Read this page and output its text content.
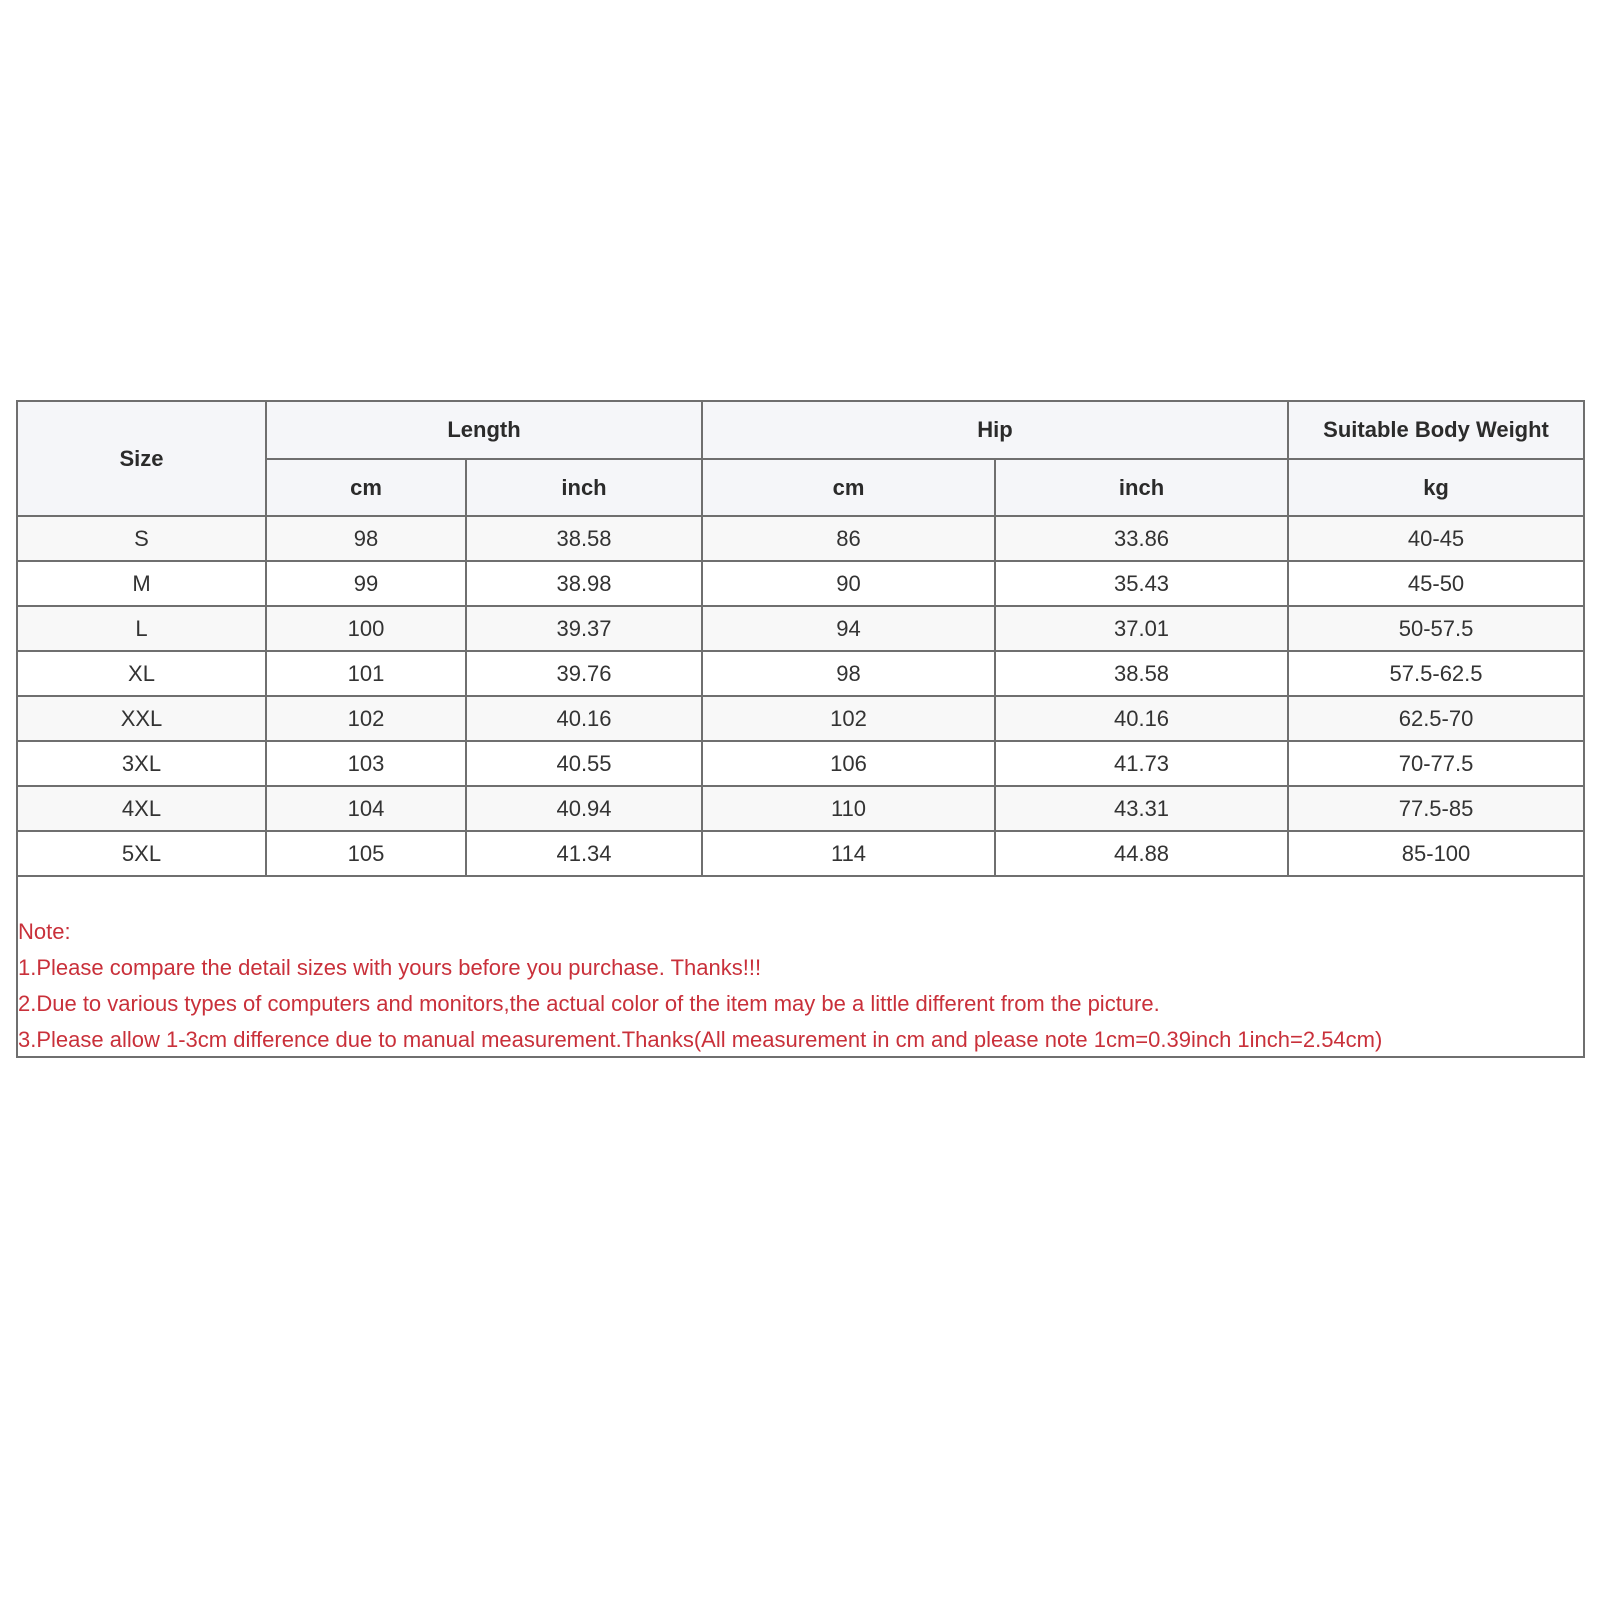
Size	Length		Hip		Suitable Body Weight
	cm	inch	cm	inch	kg
S	98	38.58	86	33.86	40-45
M	99	38.98	90	35.43	45-50
L	100	39.37	94	37.01	50-57.5
XL	101	39.76	98	38.58	57.5-62.5
XXL	102	40.16	102	40.16	62.5-70
3XL	103	40.55	106	41.73	70-77.5
4XL	104	40.94	110	43.31	77.5-85
5XL	105	41.34	114	44.88	85-100
Note:
1.Please compare the detail sizes with yours before you purchase. Thanks!!!
2.Due to various types of computers and monitors,the actual color of the item may be a little different from the picture.
3.Please allow 1-3cm difference due to manual measurement.Thanks(All measurement in cm and please note 1cm=0.39inch 1inch=2.54cm)
